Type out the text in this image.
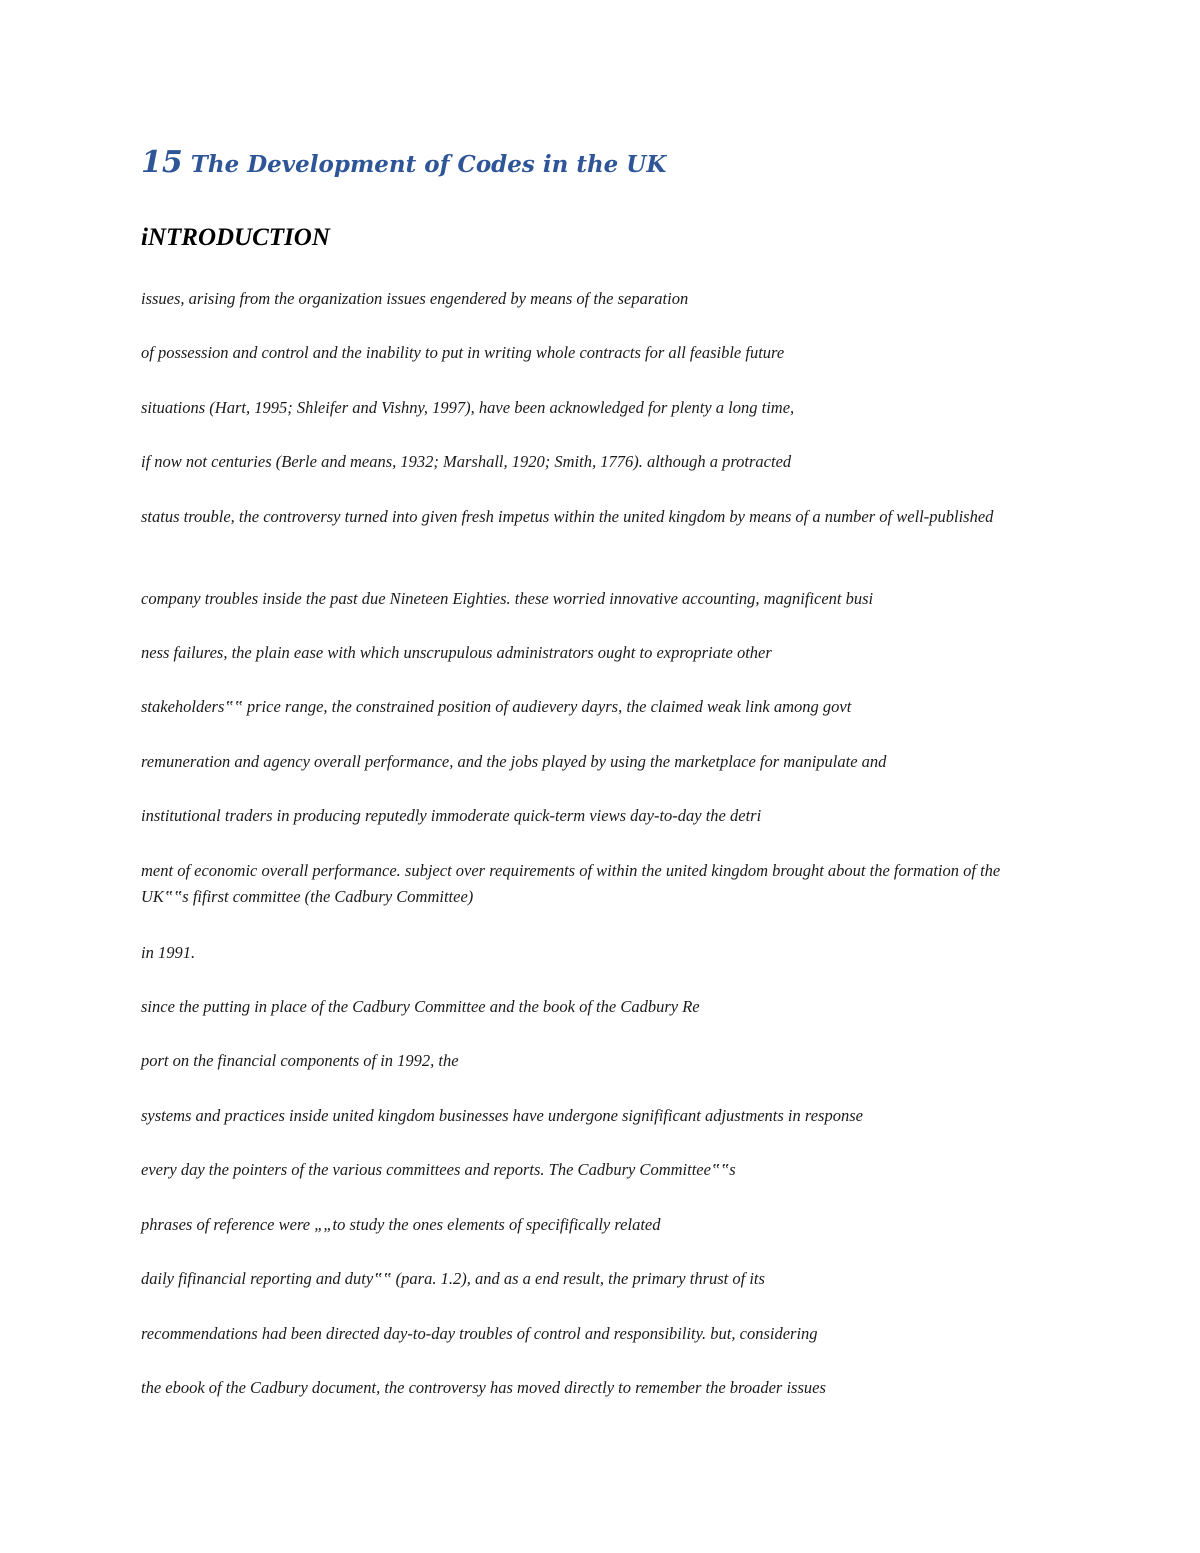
15 The Development of Codes in the UK
iNTRODUCTION

issues, arising from the organization issues engendered by means of the separation

of possession and control and the inability to put in writing whole contracts for all feasible future

situations (Hart, 1995; Shleifer and Vishny, 1997), have been acknowledged for plenty a long time,

if now not centuries (Berle and means, 1932; Marshall, 1920; Smith, 1776). although a protracted

status trouble, the controversy turned into given fresh impetus within the united kingdom by means of a number of well-published

company troubles inside the past due Nineteen Eighties. these worried innovative accounting, magnificent busi

ness failures, the plain ease with which unscrupulous administrators ought to expropriate other

stakeholders‟‟ price range, the constrained position of audievery dayrs, the claimed weak link among govt

remuneration and agency overall performance, and the jobs played by using the marketplace for manipulate and

institutional traders in producing reputedly immoderate quick-term views day-to-day the detri

ment of economic overall performance. subject over requirements of within the united kingdom brought about the formation of the UK‟‟s fifirst committee (the Cadbury Committee)

in 1991.

since the putting in place of the Cadbury Committee and the book of the Cadbury Re

port on the financial components of in 1992, the

systems and practices inside united kingdom businesses have undergone signifificant adjustments in response

every day the pointers of the various committees and reports. The Cadbury Committee‟‟s

phrases of reference were „„to study the ones elements of specififically related

daily fifinancial reporting and duty‟‟ (para. 1.2), and as a end result, the primary thrust of its

recommendations had been directed day-to-day troubles of control and responsibility. but, considering

the ebook of the Cadbury document, the controversy has moved directly to remember the broader issues
